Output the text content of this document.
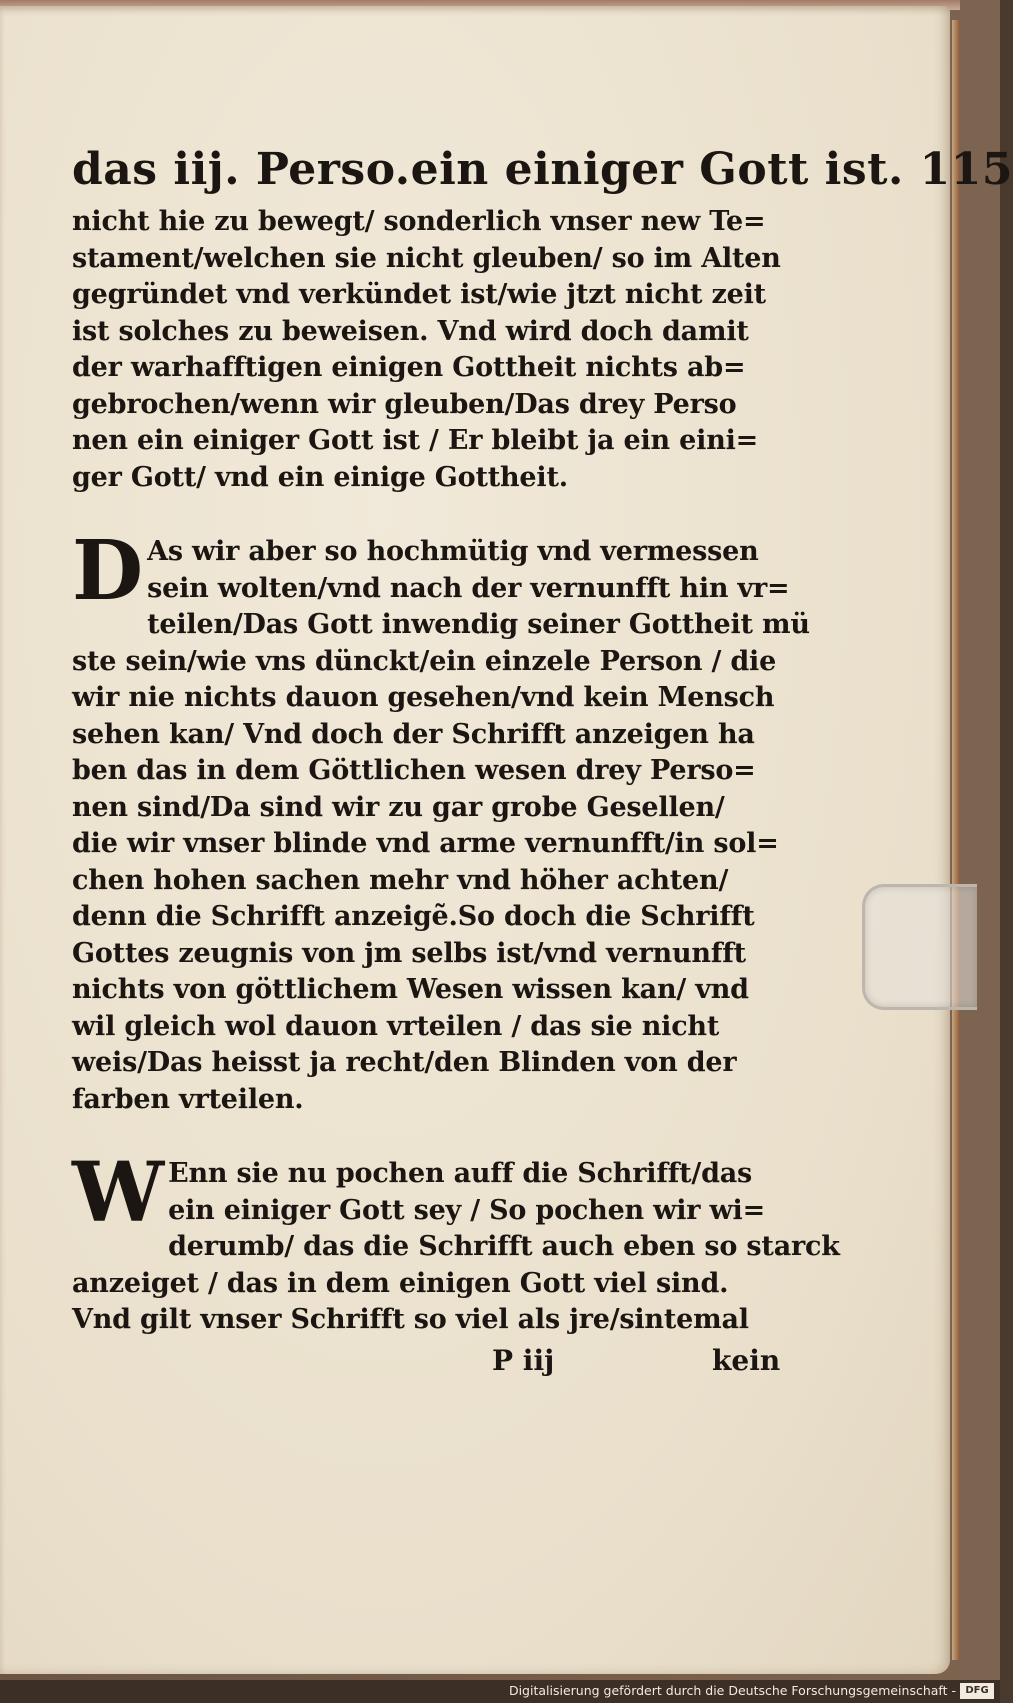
das iij. Perso.ein einiger Gott ist. 115
nicht hie zu bewegt/ sonderlich vnser new Te=
stament/welchen sie nicht gleuben/ so im Alten
gegründet vnd verkündet ist/wie jtzt nicht zeit
ist solches zu beweisen. Vnd wird doch damit
der warhafftigen einigen Gottheit nichts ab=
gebrochen/wenn wir gleuben/Das drey Perso
nen ein einiger Gott ist / Er bleibt ja ein eini=
ger Gott/ vnd ein einige Gottheit.
D As wir aber so hochmütig vnd vermessen
sein wolten/vnd nach der vernunfft hin vr=
teilen/Das Gott inwendig seiner Gottheit mü
ste sein/wie vns dünckt/ein einzele Person / die
wir nie nichts dauon gesehen/vnd kein Mensch
sehen kan/ Vnd doch der Schrifft anzeigen ha
ben das in dem Göttlichen wesen drey Perso=
nen sind/Da sind wir zu gar grobe Gesellen/
die wir vnser blinde vnd arme vernunfft/in sol=
chen hohen sachen mehr vnd höher achten/
denn die Schrifft anzeigẽ.So doch die Schrifft
Gottes zeugnis von jm selbs ist/vnd vernunfft
nichts von göttlichem Wesen wissen kan/ vnd
wil gleich wol dauon vrteilen / das sie nicht
weis/Das heisst ja recht/den Blinden von der
farben vrteilen.
W Enn sie nu pochen auff die Schrifft/das
ein einiger Gott sey / So pochen wir wi=
derumb/ das die Schrifft auch eben so starck
anzeiget / das in dem einigen Gott viel sind.
Vnd gilt vnser Schrifft so viel als jre/sintemal
P iij	kein
Digitalisierung gefördert durch die Deutsche Forschungsgemeinschaft - DFG
